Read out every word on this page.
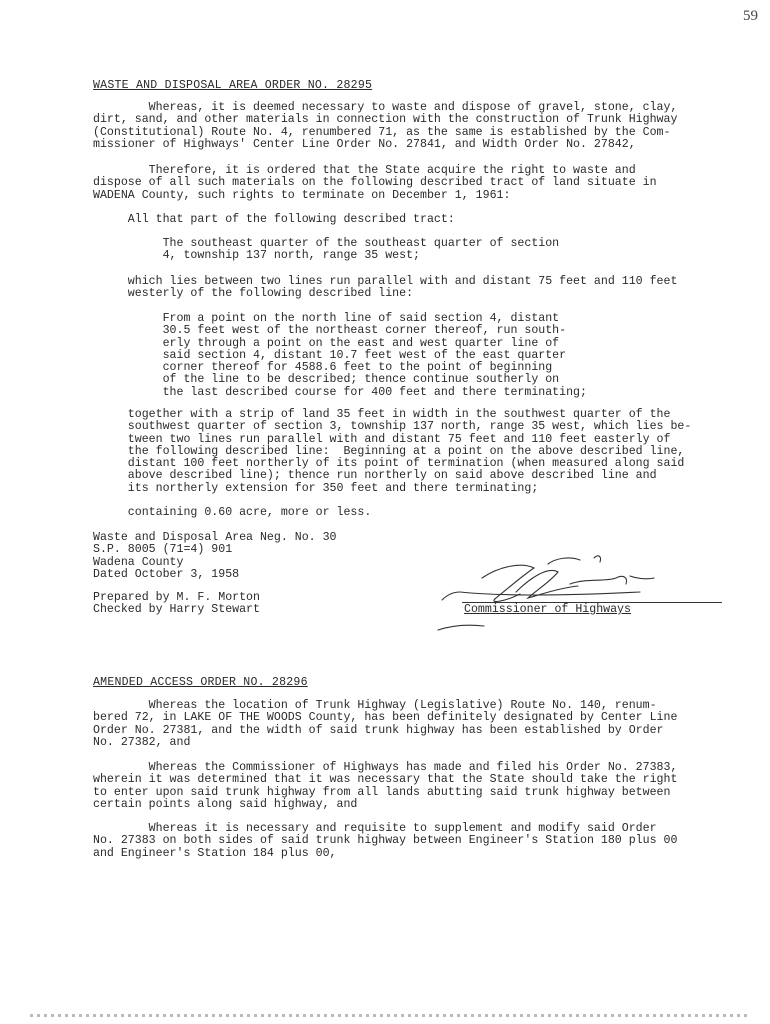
59
WASTE AND DISPOSAL AREA ORDER NO. 28295
Whereas, it is deemed necessary to waste and dispose of gravel, stone, clay,
dirt, sand, and other materials in connection with the construction of Trunk Highway
(Constitutional) Route No. 4, renumbered 71, as the same is established by the Com-
missioner of Highways' Center Line Order No. 27841, and Width Order No. 27842,
Therefore, it is ordered that the State acquire the right to waste and
dispose of all such materials on the following described tract of land situate in
WADENA County, such rights to terminate on December 1, 1961:
All that part of the following described tract:
The southeast quarter of the southeast quarter of section
4, township 137 north, range 35 west;
which lies between two lines run parallel with and distant 75 feet and 110 feet
westerly of the following described line:
From a point on the north line of said section 4, distant
30.5 feet west of the northeast corner thereof, run south-
erly through a point on the east and west quarter line of
said section 4, distant 10.7 feet west of the east quarter
corner thereof for 4588.6 feet to the point of beginning
of the line to be described; thence continue southerly on
the last described course for 400 feet and there terminating;
together with a strip of land 35 feet in width in the southwest quarter of the
southwest quarter of section 3, township 137 north, range 35 west, which lies be-
tween two lines run parallel with and distant 75 feet and 110 feet easterly of
the following described line:  Beginning at a point on the above described line,
distant 100 feet northerly of its point of termination (when measured along said
above described line); thence run northerly on said above described line and
its northerly extension for 350 feet and there terminating;
containing 0.60 acre, more or less.
Waste and Disposal Area Neg. No. 30
S.P. 8005 (71=4) 901
Wadena County
Dated October 3, 1958
Prepared by M. F. Morton
Checked by Harry Stewart	Commissioner of Highways
AMENDED ACCESS ORDER NO. 28296
Whereas the location of Trunk Highway (Legislative) Route No. 140, renum-
bered 72, in LAKE OF THE WOODS County, has been definitely designated by Center Line
Order No. 27381, and the width of said trunk highway has been established by Order
No. 27382, and
Whereas the Commissioner of Highways has made and filed his Order No. 27383,
wherein it was determined that it was necessary that the State should take the right
to enter upon said trunk highway from all lands abutting said trunk highway between
certain points along said highway, and
Whereas it is necessary and requisite to supplement and modify said Order
No. 27383 on both sides of said trunk highway between Engineer's Station 180 plus 00
and Engineer's Station 184 plus 00,
